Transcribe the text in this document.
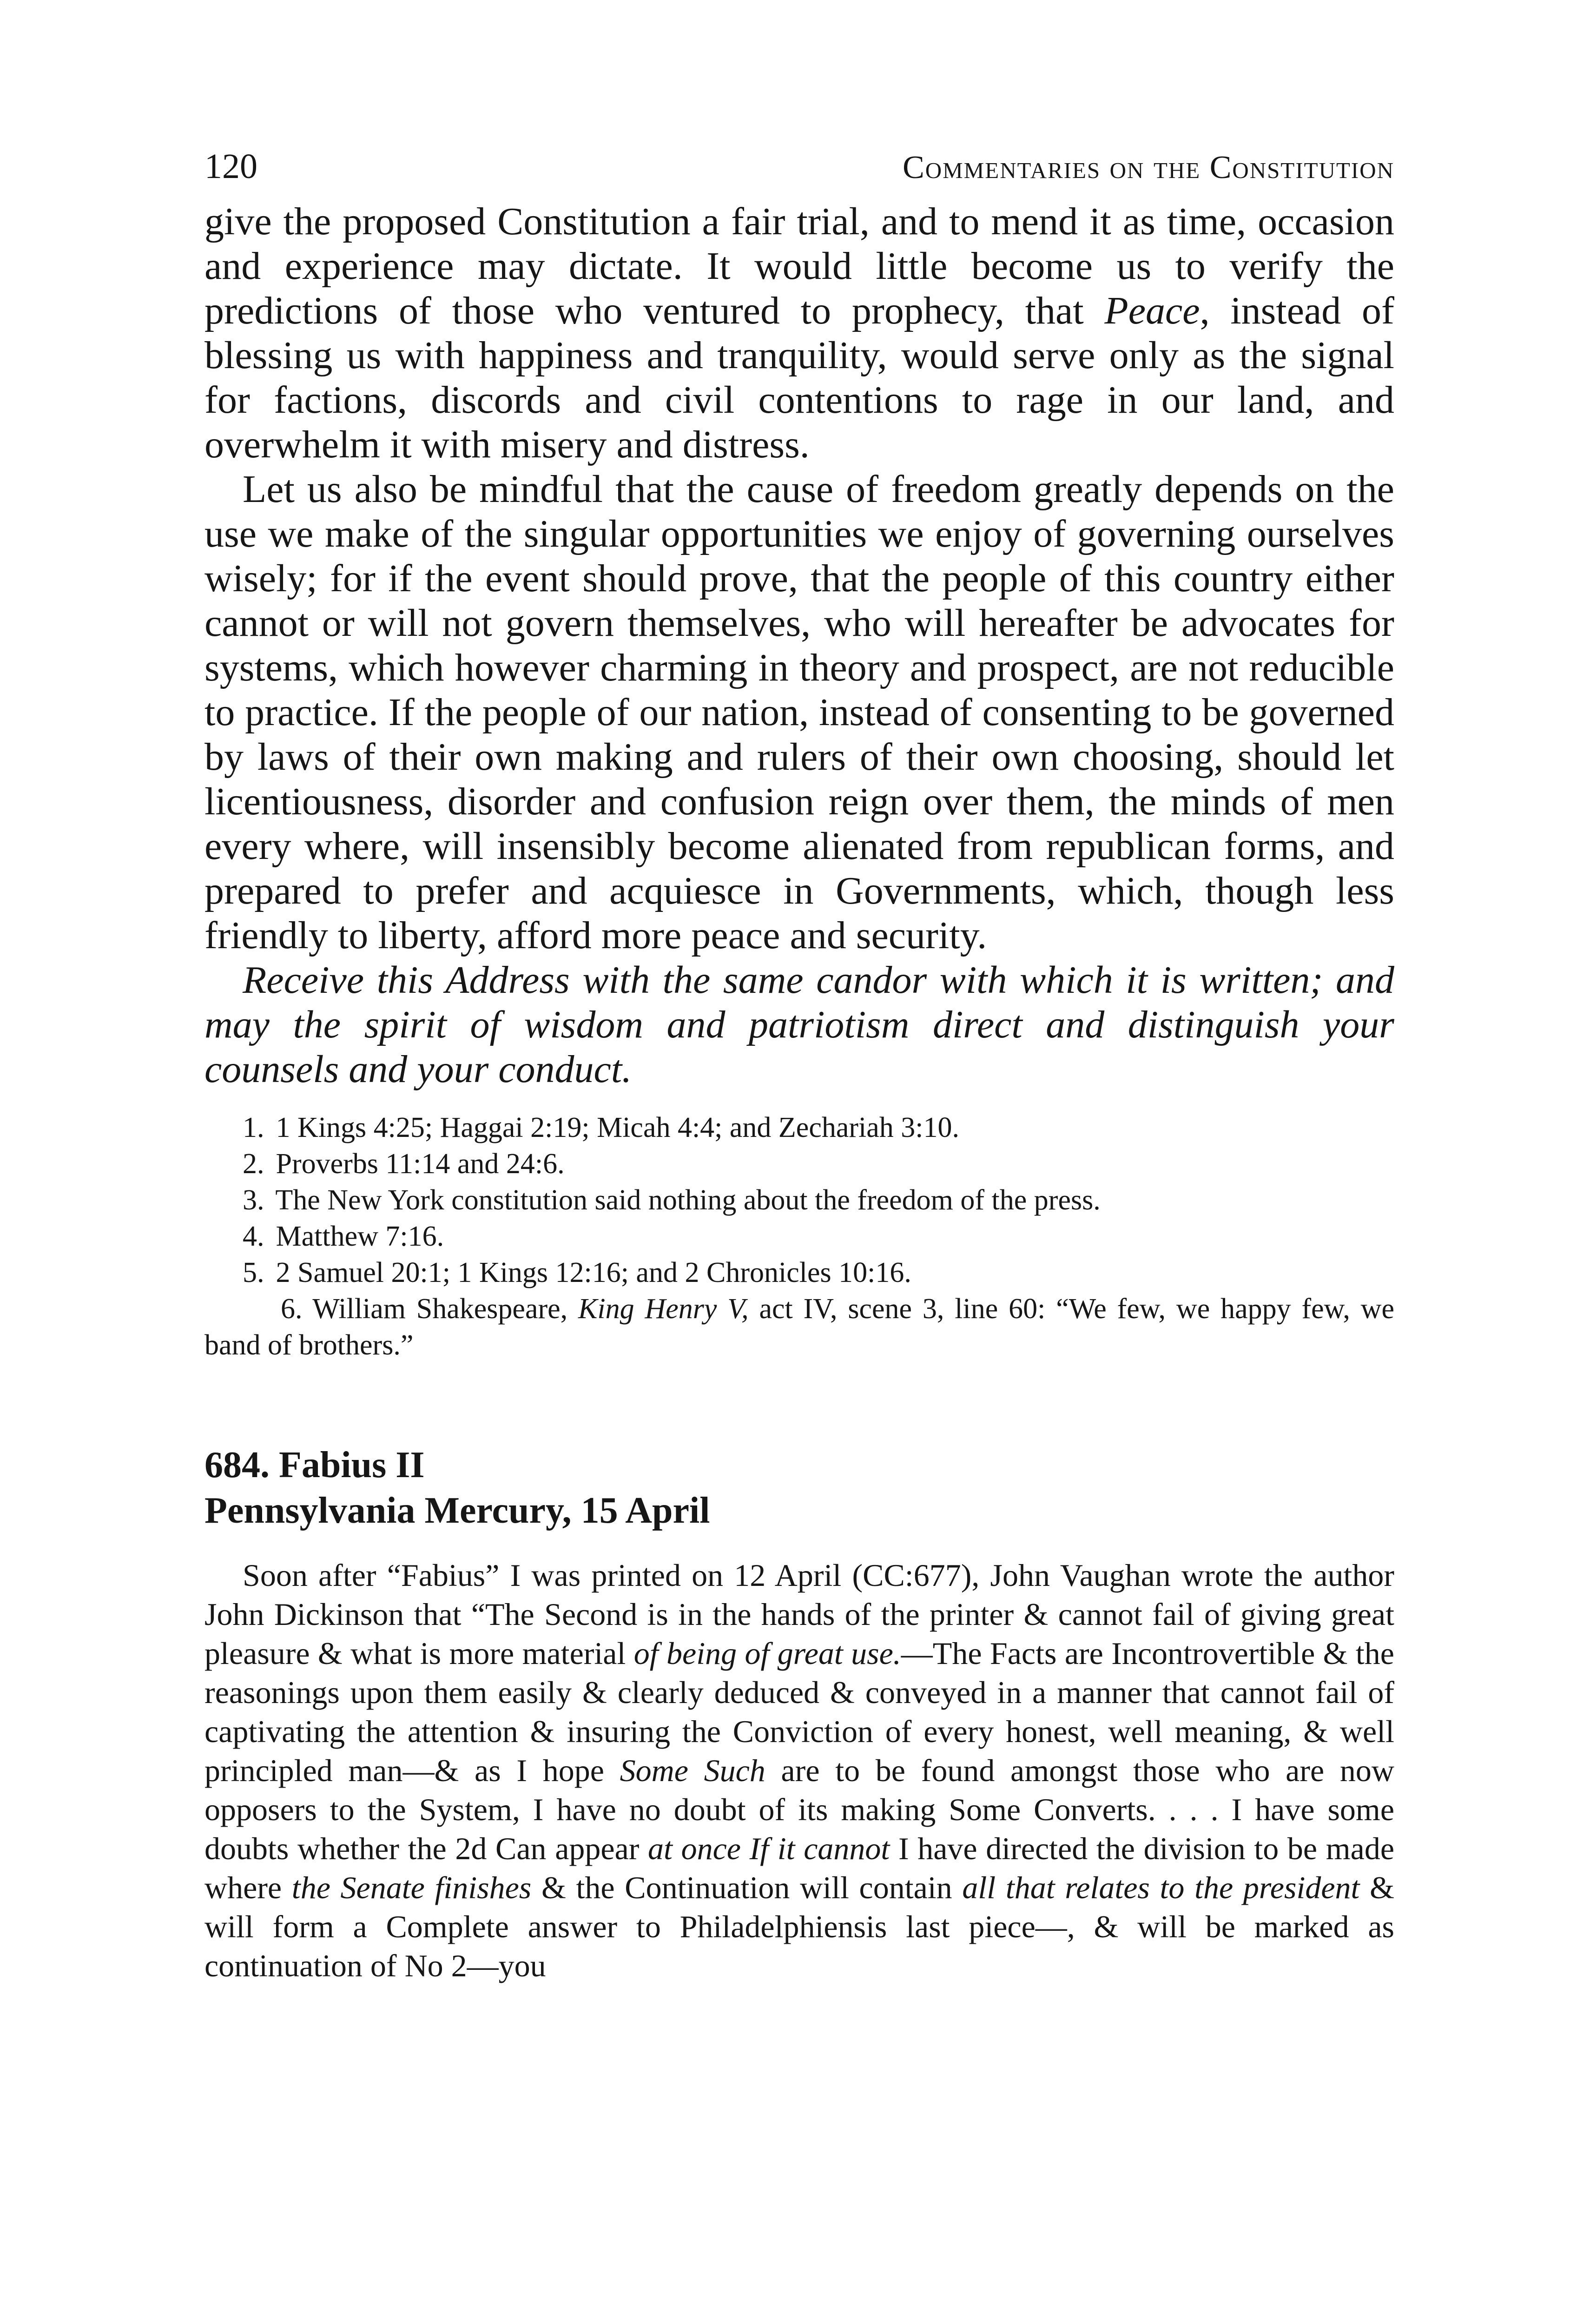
120	Commentaries on the Constitution

give the proposed Constitution a fair trial, and to mend it as time, occasion and experience may dictate. It would little become us to verify the predictions of those who ventured to prophecy, that Peace, instead of blessing us with happiness and tranquility, would serve only as the signal for factions, discords and civil contentions to rage in our land, and overwhelm it with misery and distress.

Let us also be mindful that the cause of freedom greatly depends on the use we make of the singular opportunities we enjoy of governing ourselves wisely; for if the event should prove, that the people of this country either cannot or will not govern themselves, who will hereafter be advocates for systems, which however charming in theory and prospect, are not reducible to practice. If the people of our nation, instead of consenting to be governed by laws of their own making and rulers of their own choosing, should let licentiousness, disorder and confusion reign over them, the minds of men every where, will insensibly become alienated from republican forms, and prepared to prefer and acquiesce in Governments, which, though less friendly to liberty, afford more peace and security.

Receive this Address with the same candor with which it is written; and may the spirit of wisdom and patriotism direct and distinguish your counsels and your conduct.

1. 1 Kings 4:25; Haggai 2:19; Micah 4:4; and Zechariah 3:10.
2. Proverbs 11:14 and 24:6.
3. The New York constitution said nothing about the freedom of the press.
4. Matthew 7:16.
5. 2 Samuel 20:1; 1 Kings 12:16; and 2 Chronicles 10:16.
6. William Shakespeare, King Henry V, act IV, scene 3, line 60: “We few, we happy few, we band of brothers.”
684. Fabius II
Pennsylvania Mercury, 15 April

Soon after “Fabius” I was printed on 12 April (CC:677), John Vaughan wrote the author John Dickinson that “The Second is in the hands of the printer & cannot fail of giving great pleasure & what is more material of being of great use.—The Facts are Incontrovertible & the reasonings upon them easily & clearly deduced & conveyed in a manner that cannot fail of captivating the attention & insuring the Conviction of every honest, well meaning, & well principled man—& as I hope Some Such are to be found amongst those who are now opposers to the System, I have no doubt of its making Some Converts. . . . I have some doubts whether the 2d Can appear at once If it cannot I have directed the division to be made where the Senate finishes & the Continuation will contain all that relates to the president & will form a Complete answer to Philadelphiensis last piece—, & will be marked as continuation of No 2—you
